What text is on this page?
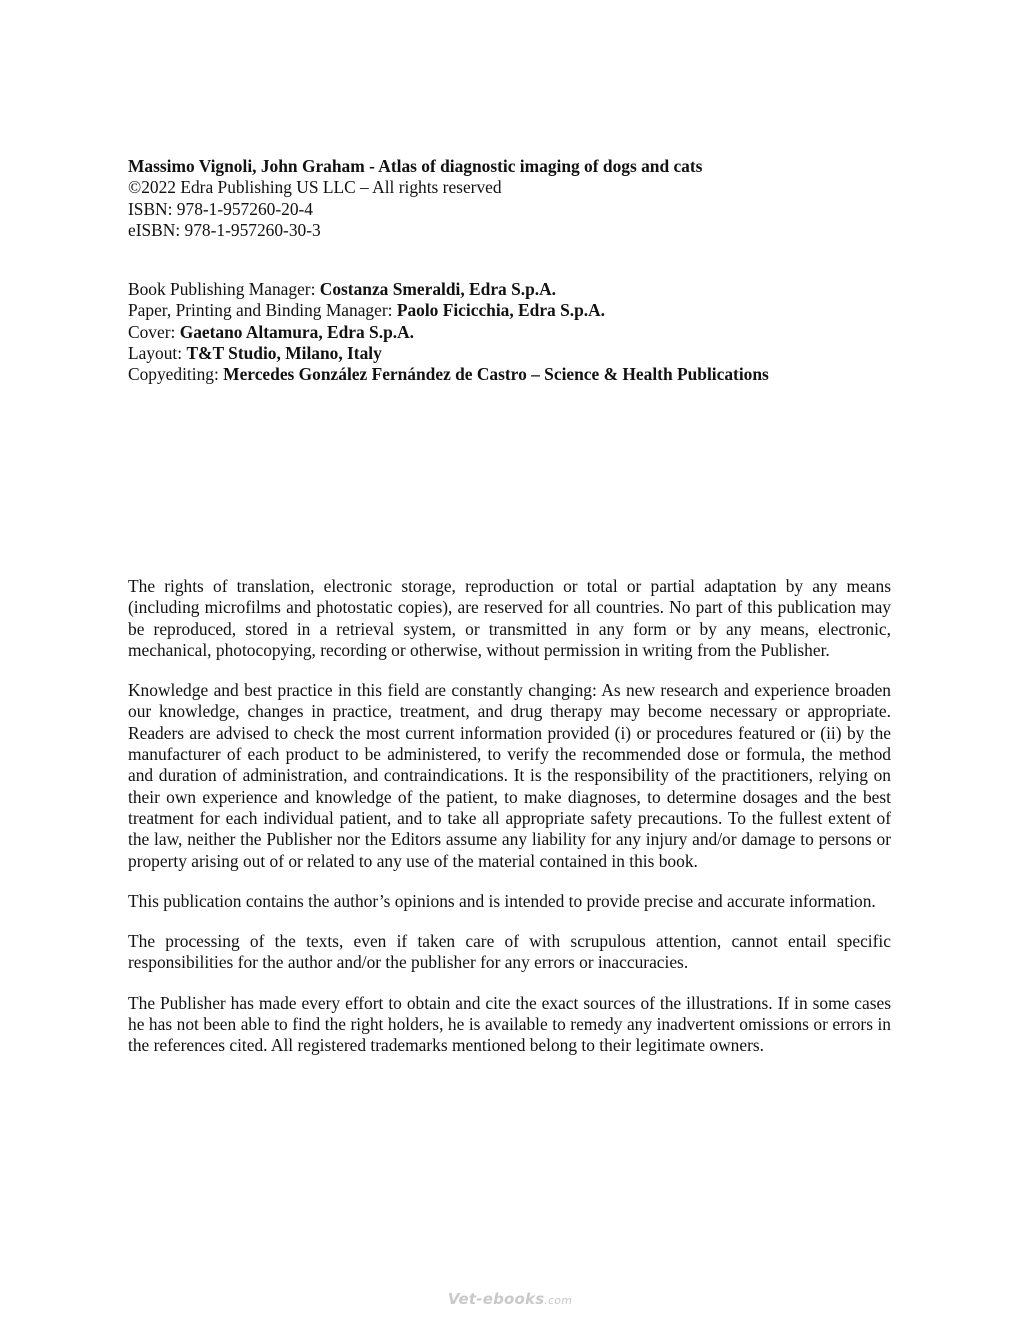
Massimo Vignoli, John Graham - Atlas of diagnostic imaging of dogs and cats
©2022 Edra Publishing US LLC – All rights reserved
ISBN: 978-1-957260-20-4
eISBN: 978-1-957260-30-3
Book Publishing Manager: Costanza Smeraldi, Edra S.p.A.
Paper, Printing and Binding Manager: Paolo Ficicchia, Edra S.p.A.
Cover: Gaetano Altamura, Edra S.p.A.
Layout: T&T Studio, Milano, Italy
Copyediting: Mercedes González Fernández de Castro – Science & Health Publications

The rights of translation, electronic storage, reproduction or total or partial adaptation by any means (including microfilms and photostatic copies), are reserved for all countries. No part of this publication may be reproduced, stored in a retrieval system, or transmitted in any form or by any means, electronic, mechanical, photocopying, recording or otherwise, without permission in writing from the Publisher.

Knowledge and best practice in this field are constantly changing: As new research and experience broaden our knowledge, changes in practice, treatment, and drug therapy may become necessary or appropriate. Readers are advised to check the most current information provided (i) or procedures featured or (ii) by the manufacturer of each product to be administered, to verify the recommended dose or formula, the method and duration of administration, and contraindications. It is the responsibility of the practitioners, relying on their own experience and knowledge of the patient, to make diagnoses, to determine dosages and the best treatment for each individual patient, and to take all appropriate safety precautions. To the fullest extent of the law, neither the Publisher nor the Editors assume any liability for any injury and/or damage to persons or property arising out of or related to any use of the material contained in this book.

This publication contains the author’s opinions and is intended to provide precise and accurate information.

The processing of the texts, even if taken care of with scrupulous attention, cannot entail specific responsibilities for the author and/or the publisher for any errors or inaccuracies.

The Publisher has made every effort to obtain and cite the exact sources of the illustrations. If in some cases he has not been able to find the right holders, he is available to remedy any inadvertent omissions or errors in the references cited. All registered trademarks mentioned belong to their legitimate owners.

Vet-ebooks.com
